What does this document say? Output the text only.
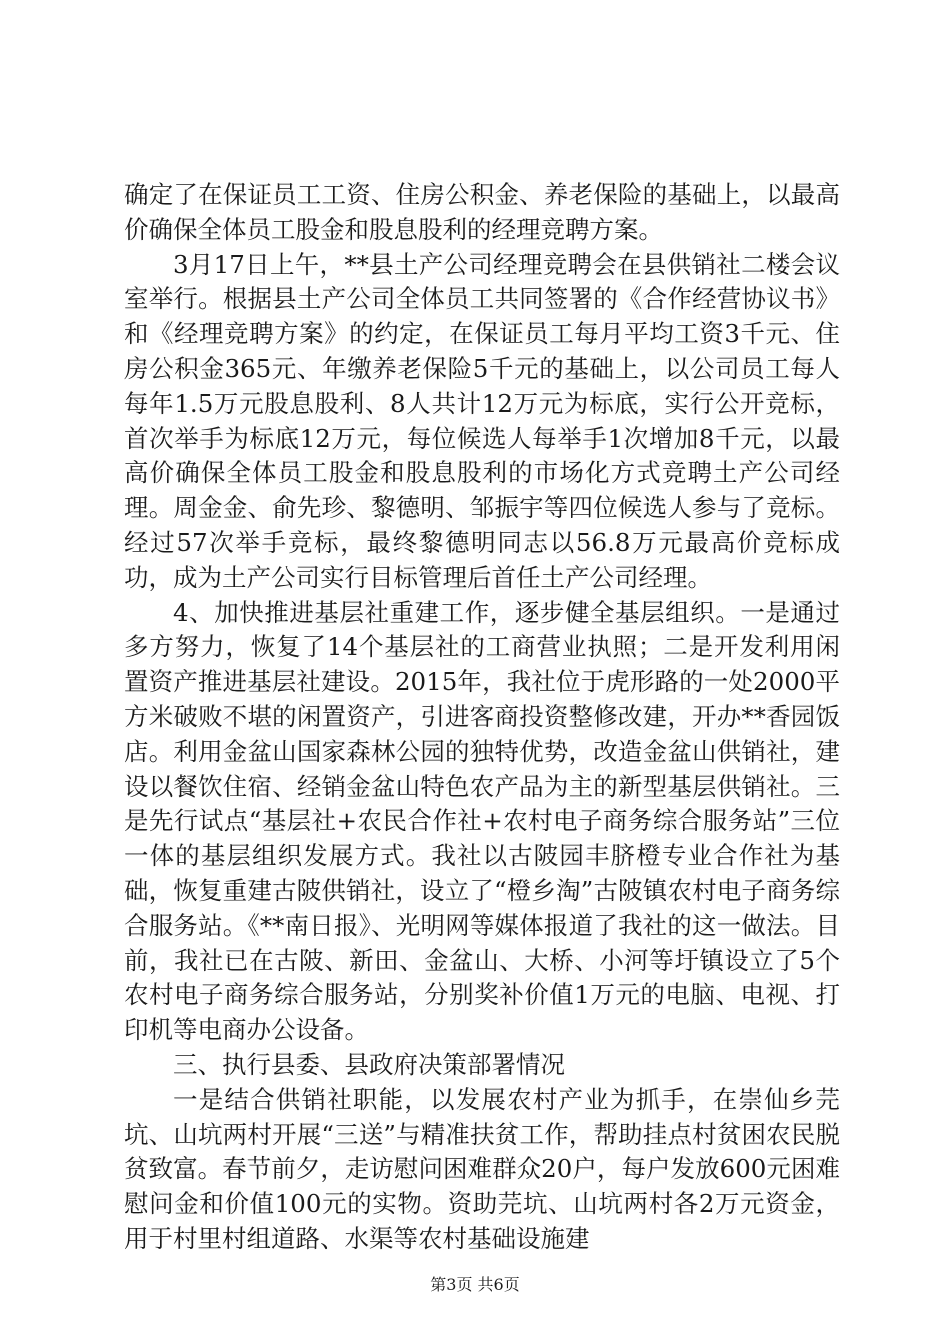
确定了在保证员工工资、住房公积金、养老保险的基础上，以最高价确保全体员工股金和股息股利的经理竞聘方案。

3月17日上午，**县土产公司经理竞聘会在县供销社二楼会议室举行。根据县土产公司全体员工共同签署的《合作经营协议书》和《经理竞聘方案》的约定，在保证员工每月平均工资3千元、住房公积金365元、年缴养老保险5千元的基础上，以公司员工每人每年1.5万元股息股利、8人共计12万元为标底，实行公开竞标，首次举手为标底12万元，每位候选人每举手1次增加8千元，以最高价确保全体员工股金和股息股利的市场化方式竞聘土产公司经理。周金金、俞先珍、黎德明、邹振宇等四位候选人参与了竞标。经过57次举手竞标，最终黎德明同志以56.8万元最高价竞标成功，成为土产公司实行目标管理后首任土产公司经理。

4、加快推进基层社重建工作，逐步健全基层组织。一是通过多方努力，恢复了14个基层社的工商营业执照；二是开发利用闲置资产推进基层社建设。2015年，我社位于虎形路的一处2000平方米破败不堪的闲置资产，引进客商投资整修改建，开办**香园饭店。利用金盆山国家森林公园的独特优势，改造金盆山供销社，建设以餐饮住宿、经销金盆山特色农产品为主的新型基层供销社。三是先行试点“基层社+农民合作社+农村电子商务综合服务站”三位一体的基层组织发展方式。我社以古陂园丰脐橙专业合作社为基础，恢复重建古陂供销社，设立了“橙乡淘”古陂镇农村电子商务综合服务站。《**南日报》、光明网等媒体报道了我社的这一做法。目前，我社已在古陂、新田、金盆山、大桥、小河等圩镇设立了5个农村电子商务综合服务站，分别奖补价值1万元的电脑、电视、打印机等电商办公设备。

三、执行县委、县政府决策部署情况

一是结合供销社职能，以发展农村产业为抓手，在崇仙乡芫坑、山坑两村开展“三送”与精准扶贫工作，帮助挂点村贫困农民脱贫致富。春节前夕，走访慰问困难群众20户，每户发放600元困难慰问金和价值100元的实物。资助芫坑、山坑两村各2万元资金，用于村里村组道路、水渠等农村基础设施建

第3页 共6页
